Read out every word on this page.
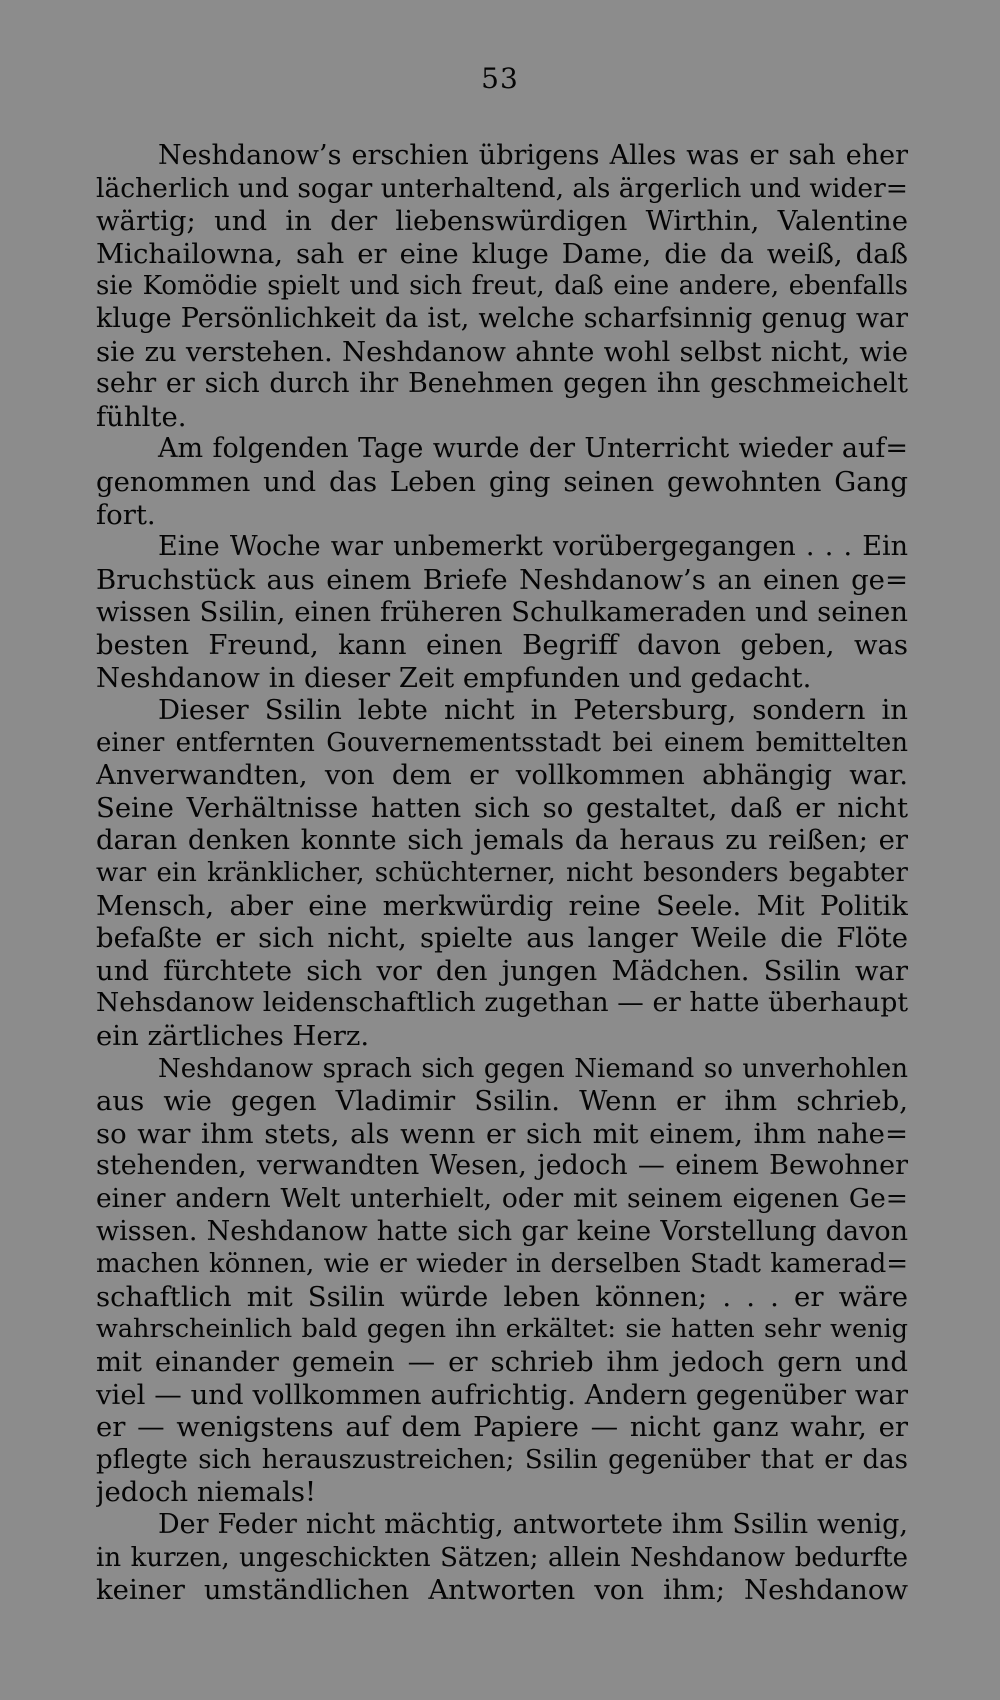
53
Neshdanow’s erschien übrigens Alles was er sah eher
lächerlich und sogar unterhaltend, als ärgerlich und wider=
wärtig; und in der liebenswürdigen Wirthin, Valentine
Michailowna, sah er eine kluge Dame, die da weiß, daß
sie Komödie spielt und sich freut, daß eine andere, ebenfalls
kluge Persönlichkeit da ist, welche scharfsinnig genug war
sie zu verstehen. Neshdanow ahnte wohl selbst nicht, wie
sehr er sich durch ihr Benehmen gegen ihn geschmeichelt
fühlte.
Am folgenden Tage wurde der Unterricht wieder auf=
genommen und das Leben ging seinen gewohnten Gang
fort.
Eine Woche war unbemerkt vorübergegangen . . . Ein
Bruchstück aus einem Briefe Neshdanow’s an einen ge=
wissen Ssilin, einen früheren Schulkameraden und seinen
besten Freund, kann einen Begriff davon geben, was
Neshdanow in dieser Zeit empfunden und gedacht.
Dieser Ssilin lebte nicht in Petersburg, sondern in
einer entfernten Gouvernementsstadt bei einem bemittelten
Anverwandten, von dem er vollkommen abhängig war.
Seine Verhältnisse hatten sich so gestaltet, daß er nicht
daran denken konnte sich jemals da heraus zu reißen; er
war ein kränklicher, schüchterner, nicht besonders begabter
Mensch, aber eine merkwürdig reine Seele. Mit Politik
befaßte er sich nicht, spielte aus langer Weile die Flöte
und fürchtete sich vor den jungen Mädchen. Ssilin war
Nehsdanow leidenschaftlich zugethan — er hatte überhaupt
ein zärtliches Herz.
Neshdanow sprach sich gegen Niemand so unverhohlen
aus wie gegen Vladimir Ssilin. Wenn er ihm schrieb,
so war ihm stets, als wenn er sich mit einem, ihm nahe=
stehenden, verwandten Wesen, jedoch — einem Bewohner
einer andern Welt unterhielt, oder mit seinem eigenen Ge=
wissen. Neshdanow hatte sich gar keine Vorstellung davon
machen können, wie er wieder in derselben Stadt kamerad=
schaftlich mit Ssilin würde leben können; . . . er wäre
wahrscheinlich bald gegen ihn erkältet: sie hatten sehr wenig
mit einander gemein — er schrieb ihm jedoch gern und
viel — und vollkommen aufrichtig. Andern gegenüber war
er — wenigstens auf dem Papiere — nicht ganz wahr, er
pflegte sich herauszustreichen; Ssilin gegenüber that er das
jedoch niemals!
Der Feder nicht mächtig, antwortete ihm Ssilin wenig,
in kurzen, ungeschickten Sätzen; allein Neshdanow bedurfte
keiner umständlichen Antworten von ihm; Neshdanow
